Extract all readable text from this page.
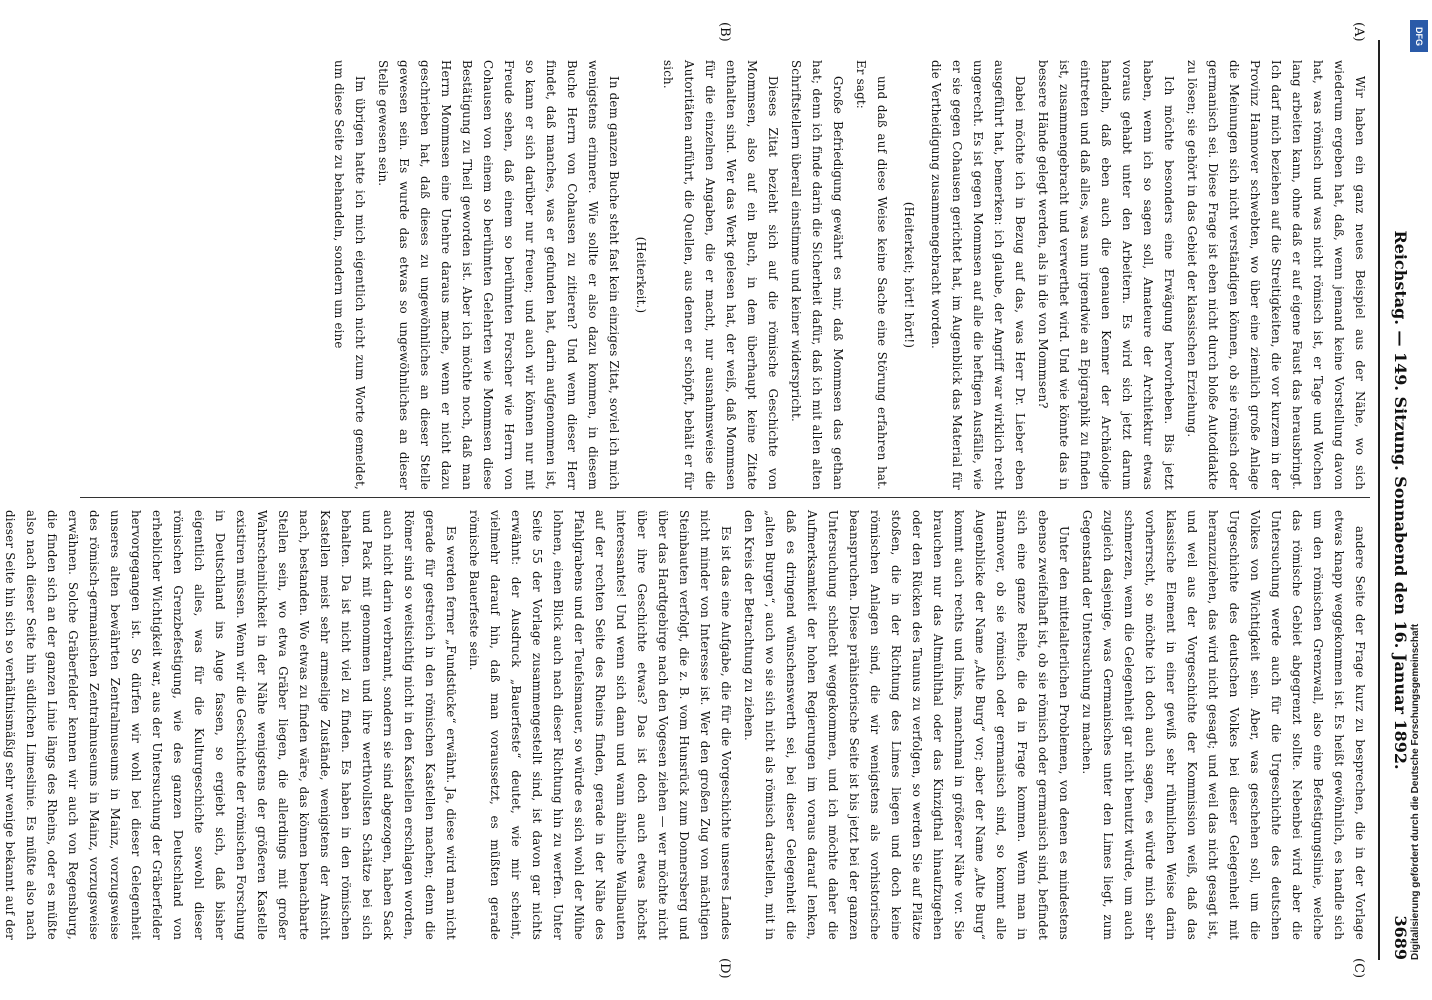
Reichstag. — 149. Sitzung. Sonnabend den 16. Januar 1892.
3689
(A)
(B)
(C)
(D)

Wir haben ein ganz neues Beispiel aus der Nähe, wo sich wiederum ergeben hat, daß, wenn jemand keine Vorstellung davon hat, was römisch und was nicht römisch ist, er Tage und Wochen lang arbeiten kann, ohne daß er auf eigene Faust das herausbringt. Ich darf mich beziehen auf die Streitigkeiten, die vor kurzem in der Provinz Hannover schwebten, wo über eine ziemlich große Anlage die Meinungen sich nicht verständigen können, ob sie römisch oder germanisch sei. Diese Frage ist eben nicht durch bloße Autodidakte zu lösen; sie gehört in das Gebiet der klassischen Erziehung.

Ich möchte besonders eine Erwägung hervorheben. Bis jetzt haben, wenn ich so sagen soll, Amateure der Architektur etwas voraus gehabt unter den Arbeitern. Es wird sich jetzt darum handeln, daß eben auch die genauen Kenner der Archäologie eintreten und daß alles, was nun irgendwie an Epigraphik zu finden ist, zusammengebracht und verwerthet wird. Und wie könnte das in bessere Hände gelegt werden, als in die von Mommsen?

Dabei möchte ich in Bezug auf das, was Herr Dr. Lieber eben ausgeführt hat, bemerken: ich glaube, der Angriff war wirklich recht ungerecht. Es ist gegen Mommsen auf alle die heftigen Ausfälle, wie er sie gegen Cohausen gerichtet hat, im Augenblick das Material für die Vertheidigung zusammengebracht worden.

(Heiterkeit; hört! hört!)

und daß auf diese Weise keine Sache eine Störung erfahren hat. Er sagt:

Große Befriedigung gewährt es mir, daß Mommsen das gethan hat; denn ich finde darin die Sicherheit dafür, daß ich mit allen alten Schriftstellern überall einstimme und keiner widerspricht.

Dieses Zitat bezieht sich auf die römische Geschichte von Mommsen, also auf ein Buch, in dem überhaupt keine Zitate enthalten sind. Wer das Werk gelesen hat, der weiß, daß Mommsen für die einzelnen Angaben, die er macht, nur ausnahmsweise die Autoritäten anführt, die Quellen, aus denen er schöpft, behält er für sich.

(Heiterkeit.)

In dem ganzen Buche steht fast kein einziges Zitat, soviel ich mich wenigstens erinnere. Wie sollte er also dazu kommen, in diesem Buche Herrn von Cohausen zu zitieren? Und wenn dieser Herr findet, daß manches, was er gefunden hat, darin aufgenommen ist, so kann er sich darüber nur freuen; und auch wir können nur mit Freude sehen, daß einem so berühmten Forscher wie Herrn von Cohausen von einem so berühmten Gelehrten wie Mommsen diese Bestätigung zu Theil geworden ist. Aber ich möchte noch, daß man Herrn Mommsen eine Unehre daraus mache, wenn er nicht dazu geschrieben hat, daß dieses zu ungewöhnliches an dieser Stelle gewesen sein. Es wurde das etwas so ungewöhnliches an dieser Stelle gewesen sein.

Im übrigen hatte ich mich eigentlich nicht zum Worte gemeldet, um diese Seite zu behandeln, sondern um eine

andere Seite der Frage kurz zu besprechen, die in der Vorlage etwas knapp weggekommen ist. Es heißt gewöhnlich, es handle sich um den römischen Grenzwall, also eine Befestigungslinie, welche das römische Gebiet abgegrenzt sollte. Nebenbei wird aber die Untersuchung werde auch für die Urgeschichte des deutschen Volkes von Wichtigkeit sein. Aber, was geschehen soll, um die Urgeschichte des deutschen Volkes bei dieser Gelegenheit mit heranzuziehen, das wird nicht gesagt; und weil das nicht gesagt ist, und weil aus der Vorgeschichte der Kommission weiß, daß das klassische Element in einer gewiß sehr rühmlichen Weise darin vorherrscht, so möchte ich doch auch sagen, es würde mich sehr schmerzen, wenn die Gelegenheit gar nicht benutzt würde, um auch zugleich dasjenige, was Germanisches unter den Limes liegt, zum Gegenstand der Untersuchung zu machen.

Unter den mittelalterlichen Problemen, von denen es mindestens ebenso zweifelhaft ist, ob sie römisch oder germanisch sind, befindet sich eine ganze Reihe, die da in Frage kommen. Wenn man in Hannover, ob sie römisch oder germanisch sind, so kommt alle Augenblicke der Name „Alte Burg“ vor; aber der Name „Alte Burg“ kommt auch rechts und links, manchmal in größerer Nähe vor. Sie brauchen nur das Altmühlthal oder das Kinzigthal hinaufzugehen oder den Rücken des Taunus zu verfolgen, so werden Sie auf Plätze stoßen, die in der Richtung des Limes liegen und doch keine römischen Anlagen sind, die wir wenigstens als vorhistorische beanspruchen. Diese prähistorische Seite ist bis jetzt bei der ganzen Untersuchung schlecht weggekommen, und ich möchte daher die Aufmerksamkeit der hohen Regierungen im voraus darauf lenken, daß es dringend wünschenswerth sei, bei dieser Gelegenheit die „alten Burgen“, auch wo sie sich nicht als römisch darstellen, mit in den Kreis der Betrachtung zu ziehen.

Es ist das eine Aufgabe, die für die Vorgeschichte unseres Landes nicht minder von Interesse ist. Wer den großen Zug von mächtigen Steinbauten verfolgt, die z. B. vom Hunsrück zum Donnersberg und über das Hardtgebirge nach den Vogesen ziehen — wer möchte nicht über ihre Geschichte etwas? Das ist doch auch etwas höchst interessantes! Und wenn sich dann und wann ähnliche Wallbauten auf der rechten Seite des Rheins finden, gerade in der Nähe des Pfahlgrabens und der Teufelsmauer, so würde es sich wohl der Mühe lohnen, einen Blick auch nach dieser Richtung hin zu werfen. Unter Seite 55 der Vorlage zusammengestellt sind, ist davon gar nichts erwähnt: der Ausdruck „Bauerfeste“ deutet, wie mir scheint, vielmehr darauf hin, daß man voraussetzt, es müßten gerade römische Bauerfeste sein.

Es werden ferner „Fundstücke“ erwähnt. Ja, diese wird man nicht gerade für gestreich in den römischen Kastellen machen; denn die Römer sind so weitsichtig nicht in den Kastellen erschlagen worden, auch nicht darin verbrannt, sondern sie sind abgezogen, haben Sack und Pack mit genommen und ihre werthvollsten Schätze bei sich behalten. Da ist nicht viel zu finden. Es haben in den römischen Kastellen meist sehr armselige Zustände, wenigstens der Ansicht nach, bestanden. Wo etwas zu finden wäre, das können benachbarte Stellen sein, wo etwa Gräber liegen, die allerdings mit großer Wahrscheinlichkeit in der Nähe wenigstens der größeren Kastelle existiren müssen. Wenn wir die Geschichte der römischen Forschung in Deutschland ins Auge fassen, so ergiebt sich, daß bisher eigentlich alles, was für die Kulturgeschichte sowohl dieser römischen Grenzbefestigung, wie des ganzen Deutschland von erheblicher Wichtigkeit war, aus der Untersuchung der Gräberfelder hervorgegangen ist. So dürfen wir wohl bei dieser Gelegenheit unseres alten bewährten Zentralmuseums in Mainz, vorzugsweise des römisch-germanischen Zentralmuseums in Mainz, vorzugsweise erwähnen. Solche Gräberfelder kennen wir auch von Regensburg, die finden sich an der ganzen Linie längs des Rheins, oder es müßte also nach dieser Seite hin südlichen Limeslinie. Es müßte also nach dieser Seite hin sich so verhältnismäßig sehr wenige bekannt auf der

DFG
Digitalisierung gefördert durch die Deutsche Forschungsgemeinschaft
